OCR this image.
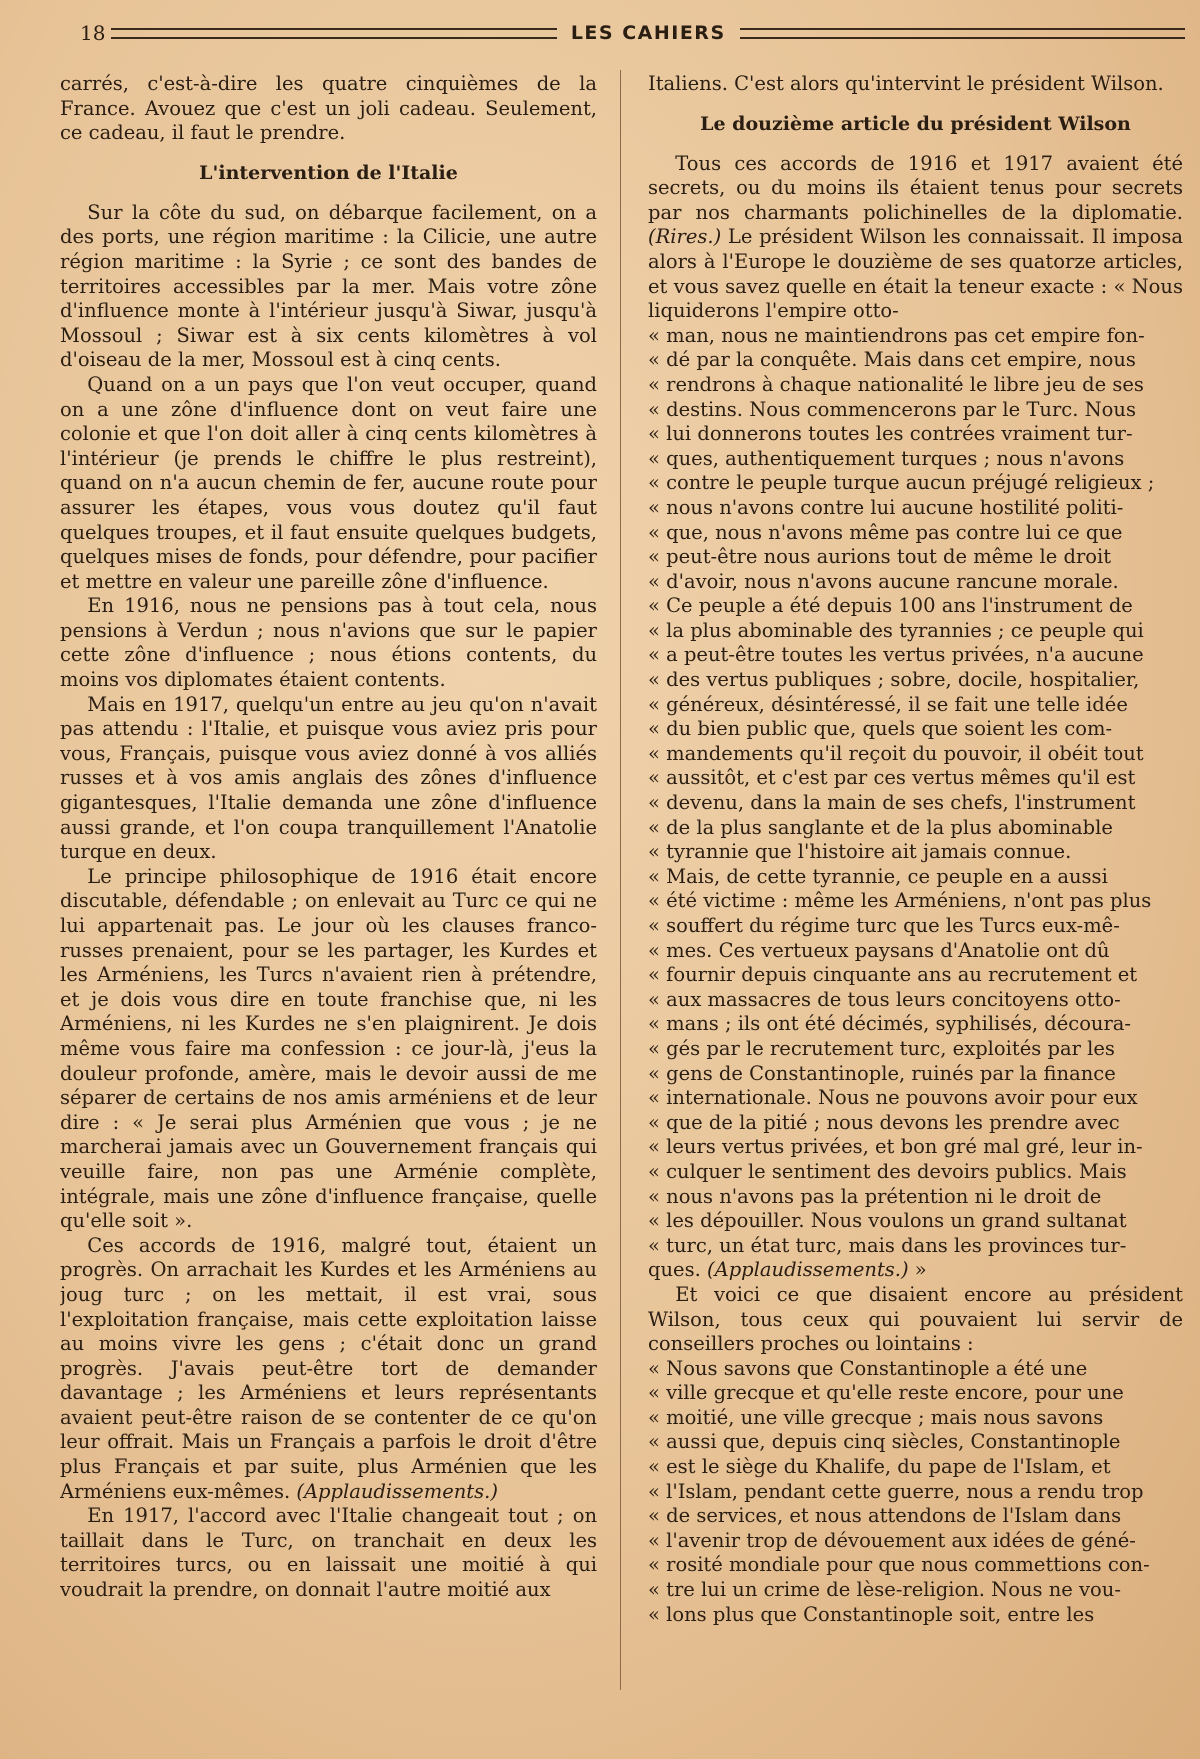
18	LES CAHIERS

carrés, c'est-à-dire les quatre cinquièmes de la France. Avouez que c'est un joli cadeau. Seulement, ce cadeau, il faut le prendre.

L'intervention de l'Italie

Sur la côte du sud, on débarque facilement, on a des ports, une région maritime : la Cilicie, une autre région maritime : la Syrie ; ce sont des bandes de territoires accessibles par la mer. Mais votre zône d'influence monte à l'intérieur jusqu'à Siwar, jusqu'à Mossoul ; Siwar est à six cents kilomètres à vol d'oiseau de la mer, Mossoul est à cinq cents.

Quand on a un pays que l'on veut occuper, quand on a une zône d'influence dont on veut faire une colonie et que l'on doit aller à cinq cents kilomètres à l'intérieur (je prends le chiffre le plus restreint), quand on n'a aucun chemin de fer, aucune route pour assurer les étapes, vous vous doutez qu'il faut quelques troupes, et il faut ensuite quelques budgets, quelques mises de fonds, pour défendre, pour pacifier et mettre en valeur une pareille zône d'influence.

En 1916, nous ne pensions pas à tout cela, nous pensions à Verdun ; nous n'avions que sur le papier cette zône d'influence ; nous étions contents, du moins vos diplomates étaient contents.

Mais en 1917, quelqu'un entre au jeu qu'on n'avait pas attendu : l'Italie, et puisque vous aviez pris pour vous, Français, puisque vous aviez donné à vos alliés russes et à vos amis anglais des zônes d'influence gigantesques, l'Italie demanda une zône d'influence aussi grande, et l'on coupa tranquillement l'Anatolie turque en deux.

Le principe philosophique de 1916 était encore discutable, défendable ; on enlevait au Turc ce qui ne lui appartenait pas. Le jour où les clauses franco-russes prenaient, pour se les partager, les Kurdes et les Arméniens, les Turcs n'avaient rien à prétendre, et je dois vous dire en toute franchise que, ni les Arméniens, ni les Kurdes ne s'en plaignirent. Je dois même vous faire ma confession : ce jour-là, j'eus la douleur profonde, amère, mais le devoir aussi de me séparer de certains de nos amis arméniens et de leur dire : « Je serai plus Arménien que vous ; je ne marcherai jamais avec un Gouvernement français qui veuille faire, non pas une Arménie complète, intégrale, mais une zône d'influence française, quelle qu'elle soit ».

Ces accords de 1916, malgré tout, étaient un progrès. On arrachait les Kurdes et les Arméniens au joug turc ; on les mettait, il est vrai, sous l'exploitation française, mais cette exploitation laisse au moins vivre les gens ; c'était donc un grand progrès. J'avais peut-être tort de demander davantage ; les Arméniens et leurs représentants avaient peut-être raison de se contenter de ce qu'on leur offrait. Mais un Français a parfois le droit d'être plus Français et par suite, plus Arménien que les Arméniens eux-mêmes. (Applaudissements.)

En 1917, l'accord avec l'Italie changeait tout ; on taillait dans le Turc, on tranchait en deux les territoires turcs, ou en laissait une moitié à qui voudrait la prendre, on donnait l'autre moitié aux

Italiens. C'est alors qu'intervint le président Wilson.

Le douzième article du président Wilson

Tous ces accords de 1916 et 1917 avaient été secrets, ou du moins ils étaient tenus pour secrets par nos charmants polichinelles de la diplomatie. (Rires.) Le président Wilson les connaissait. Il imposa alors à l'Europe le douzième de ses quatorze articles, et vous savez quelle en était la teneur exacte : « Nous liquiderons l'empire otto-

« man, nous ne maintiendrons pas cet empire fon-
« dé par la conquête. Mais dans cet empire, nous
« rendrons à chaque nationalité le libre jeu de ses
« destins. Nous commencerons par le Turc. Nous
« lui donnerons toutes les contrées vraiment tur-
« ques, authentiquement turques ; nous n'avons
« contre le peuple turque aucun préjugé religieux ;
« nous n'avons contre lui aucune hostilité politi-
« que, nous n'avons même pas contre lui ce que
« peut-être nous aurions tout de même le droit
« d'avoir, nous n'avons aucune rancune morale.
« Ce peuple a été depuis 100 ans l'instrument de
« la plus abominable des tyrannies ; ce peuple qui
« a peut-être toutes les vertus privées, n'a aucune
« des vertus publiques ; sobre, docile, hospitalier,
« généreux, désintéressé, il se fait une telle idée
« du bien public que, quels que soient les com-
« mandements qu'il reçoit du pouvoir, il obéit tout
« aussitôt, et c'est par ces vertus mêmes qu'il est
« devenu, dans la main de ses chefs, l'instrument
« de la plus sanglante et de la plus abominable
« tyrannie que l'histoire ait jamais connue.
« Mais, de cette tyrannie, ce peuple en a aussi
« été victime : même les Arméniens, n'ont pas plus
« souffert du régime turc que les Turcs eux-mê-
« mes. Ces vertueux paysans d'Anatolie ont dû
« fournir depuis cinquante ans au recrutement et
« aux massacres de tous leurs concitoyens otto-
« mans ; ils ont été décimés, syphilisés, découra-
« gés par le recrutement turc, exploités par les
« gens de Constantinople, ruinés par la finance
« internationale. Nous ne pouvons avoir pour eux
« que de la pitié ; nous devons les prendre avec
« leurs vertus privées, et bon gré mal gré, leur in-
« culquer le sentiment des devoirs publics. Mais
« nous n'avons pas la prétention ni le droit de
« les dépouiller. Nous voulons un grand sultanat
« turc, un état turc, mais dans les provinces tur-

ques. (Applaudissements.) »

Et voici ce que disaient encore au président Wilson, tous ceux qui pouvaient lui servir de conseillers proches ou lointains :

« Nous savons que Constantinople a été une
« ville grecque et qu'elle reste encore, pour une
« moitié, une ville grecque ; mais nous savons
« aussi que, depuis cinq siècles, Constantinople
« est le siège du Khalife, du pape de l'Islam, et
« l'Islam, pendant cette guerre, nous a rendu trop
« de services, et nous attendons de l'Islam dans
« l'avenir trop de dévouement aux idées de géné-
« rosité mondiale pour que nous commettions con-
« tre lui un crime de lèse-religion. Nous ne vou-
« lons plus que Constantinople soit, entre les
